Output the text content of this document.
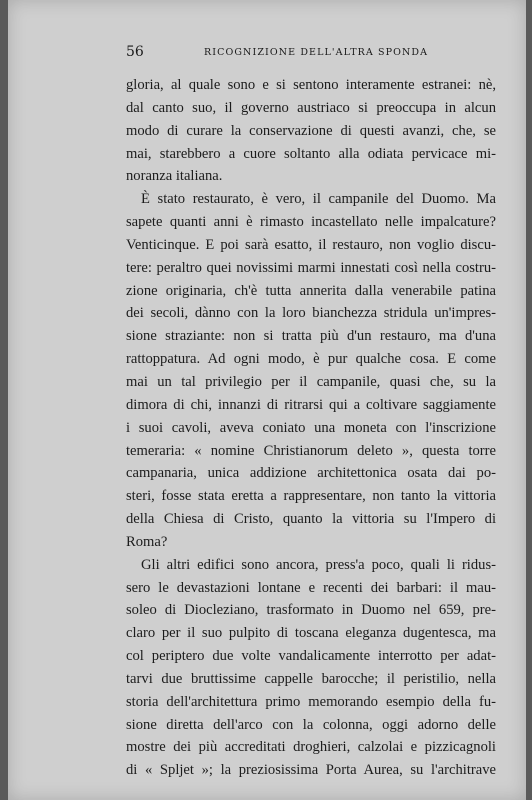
56	RICOGNIZIONE DELL'ALTRA SPONDA
gloria, al quale sono e si sentono interamente estranei: nè,
dal canto suo, il governo austriaco si preoccupa in alcun
modo di curare la conservazione di questi avanzi, che, se
mai, starebbero a cuore soltanto alla odiata pervicace mi-
noranza italiana.
È stato restaurato, è vero, il campanile del Duomo. Ma
sapete quanti anni è rimasto incastellato nelle impalcature?
Venticinque. E poi sarà esatto, il restauro, non voglio discu-
tere: peraltro quei novissimi marmi innestati così nella costru-
zione originaria, ch'è tutta annerita dalla venerabile patina
dei secoli, dànno con la loro bianchezza stridula un'impres-
sione straziante: non si tratta più d'un restauro, ma d'una
rattoppatura. Ad ogni modo, è pur qualche cosa. E come
mai un tal privilegio per il campanile, quasi che, su la
dimora di chi, innanzi di ritrarsi qui a coltivare saggiamente
i suoi cavoli, aveva coniato una moneta con l'inscrizione
temeraria: « nomine Christianorum deleto », questa torre
campanaria, unica addizione architettonica osata dai po-
steri, fosse stata eretta a rappresentare, non tanto la vittoria
della Chiesa di Cristo, quanto la vittoria su l'Impero di
Roma?
Gli altri edifici sono ancora, press'a poco, quali li ridus-
sero le devastazioni lontane e recenti dei barbari: il mau-
soleo di Diocleziano, trasformato in Duomo nel 659, pre-
claro per il suo pulpito di toscana eleganza dugentesca, ma
col periptero due volte vandalicamente interrotto per adat-
tarvi due bruttissime cappelle barocche; il peristilio, nella
storia dell'architettura primo memorando esempio della fu-
sione diretta dell'arco con la colonna, oggi adorno delle
mostre dei più accreditati droghieri, calzolai e pizzicagnoli
di « Spljet »; la preziosissima Porta Aurea, su l'architrave
